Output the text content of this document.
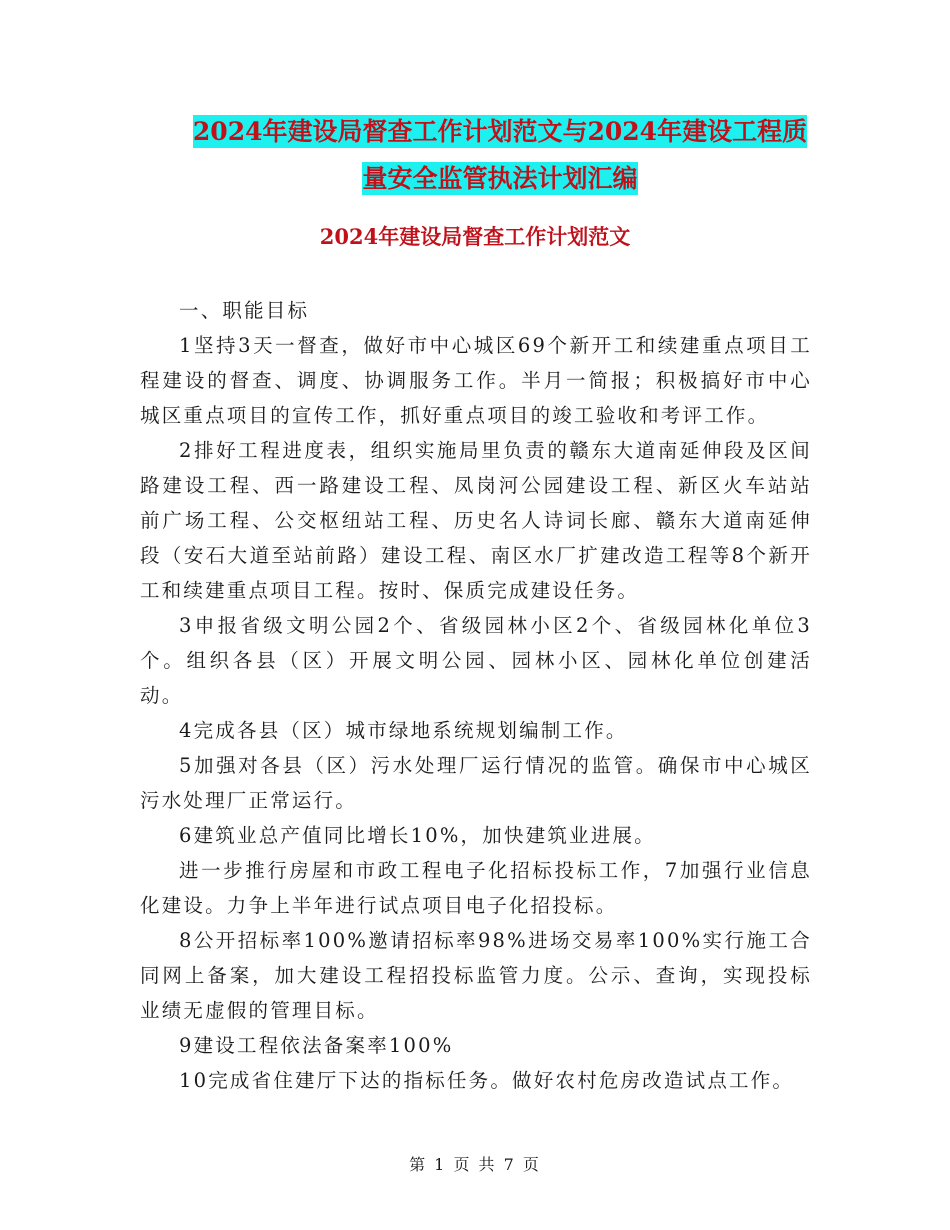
2024年建设局督查工作计划范文与2024年建设工程质
量安全监管执法计划汇编
2024年建设局督查工作计划范文

一、职能目标

1坚持3天一督查，做好市中心城区69个新开工和续建重点项目工程建设的督查、调度、协调服务工作。半月一简报；积极搞好市中心城区重点项目的宣传工作，抓好重点项目的竣工验收和考评工作。

2排好工程进度表，组织实施局里负责的赣东大道南延伸段及区间路建设工程、西一路建设工程、凤岗河公园建设工程、新区火车站站前广场工程、公交枢纽站工程、历史名人诗词长廊、赣东大道南延伸段（安石大道至站前路）建设工程、南区水厂扩建改造工程等8个新开工和续建重点项目工程。按时、保质完成建设任务。

3申报省级文明公园2个、省级园林小区2个、省级园林化单位3个。组织各县（区）开展文明公园、园林小区、园林化单位创建活动。

4完成各县（区）城市绿地系统规划编制工作。

5加强对各县（区）污水处理厂运行情况的监管。确保市中心城区污水处理厂正常运行。

6建筑业总产值同比增长10%，加快建筑业进展。

进一步推行房屋和市政工程电子化招标投标工作，7加强行业信息化建设。力争上半年进行试点项目电子化招投标。

8公开招标率100%邀请招标率98%进场交易率100%实行施工合同网上备案，加大建设工程招投标监管力度。公示、查询，实现投标业绩无虚假的管理目标。

9建设工程依法备案率100%

10完成省住建厅下达的指标任务。做好农村危房改造试点工作。

第 1 页 共 7 页
